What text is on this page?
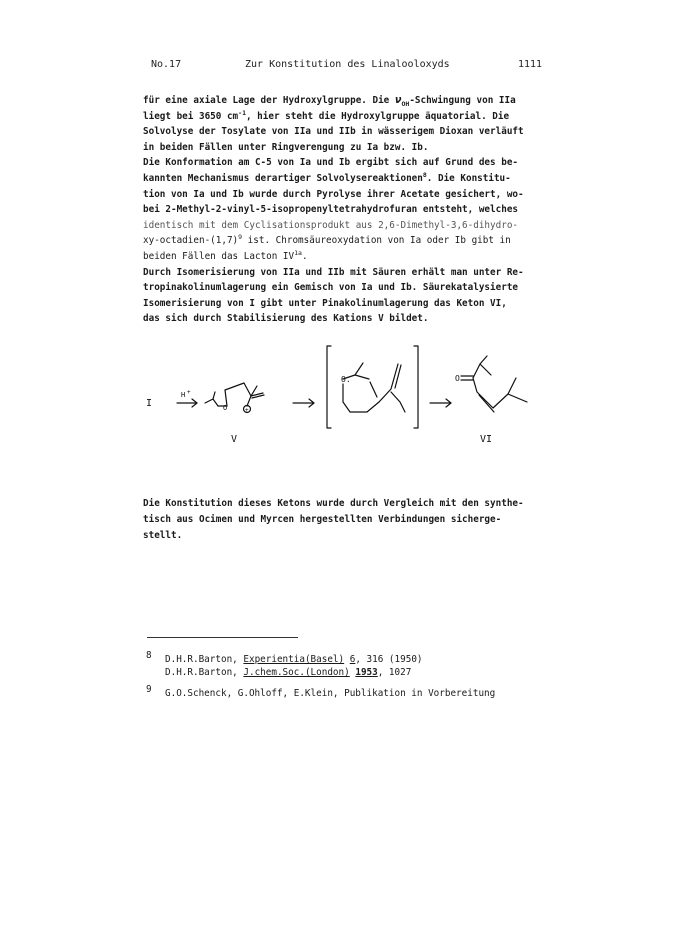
No.17	Zur Konstitution des Linalooloxyds	1111
für eine axiale Lage der Hydroxylgruppe. Die $\nu_{OH}$-Schwingung von IIa
liegt bei 3650 $cm^{-1}$, hier steht die Hydroxylgruppe äquatorial. Die
Solvolyse der Tosylate von IIa und IIb in wässerigem Dioxan verläuft
in beiden Fällen unter Ringverengung zu Ia bzw. Ib.
Die Konformation am C-5 von Ia und Ib ergibt sich auf Grund des be-
kannten Mechanismus derartiger Solvolysereaktionen$^8$. Die Konstitu-
tion von Ia und Ib wurde durch Pyrolyse ihrer Acetate gesichert, wo-
bei 2-Methyl-2-vinyl-5-isopropenyltetrahydrofuran entsteht, welches
identisch mit dem Cyclisationsprodukt aus 2,6-Dimethyl-3,6-dihydro-
$xy-octadien-(1,7)^9$ ist. Chromsäureoxydation von Ia oder Ib gibt in
beiden Fällen das Lacton $IV^{1a}$.
Durch Isomerisierung von IIa und IIb mit Säuren erhält man unter Re-
tropinakolinumlagerung ein Gemisch von Ia und Ib. Säurekatalysierte
Isomerisierung von I gibt unter Pinakolinumlagerung das Keton VI,
das sich durch Stabilisierung des Kations V bildet.
I
H +
O	+
O.	O
V	VI
Die Konstitution dieses Ketons wurde durch Vergleich mit den synthe-
tisch aus Ocimen und Myrcen hergestellten Verbindungen sicherge-
stellt.
8 D.H.R.Barton, Experientia(Basel) 6, 316 (1950)
D.H.R.Barton, J.chem.Soc.(London) 1953, 1027
9 G.O.Schenck, G.Ohloff, E.Klein, Publikation in Vorbereitung
